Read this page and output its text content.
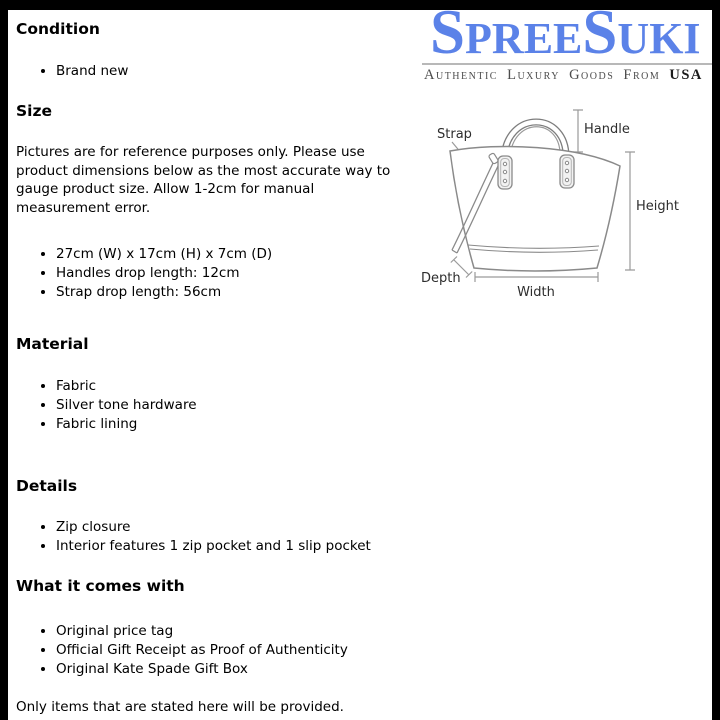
Condition
• Brand new
Size

Pictures are for reference purposes only. Please use
product dimensions below as the most accurate way to
gauge product size. Allow 1-2cm for manual
measurement error.

• 27cm (W) x 17cm (H) x 7cm (D)
• Handles drop length: 12cm
• Strap drop length: 56cm
Material
• Fabric
• Silver tone hardware
• Fabric lining
Details
• Zip closure
• Interior features 1 zip pocket and 1 slip pocket
What it comes with
• Original price tag
• Official Gift Receipt as Proof of Authenticity
• Original Kate Spade Gift Box

Only items that are stated here will be provided.

SpreeSuki
Authentic Luxury Goods From USA
Strap	Handle
Height
Depth
Width
